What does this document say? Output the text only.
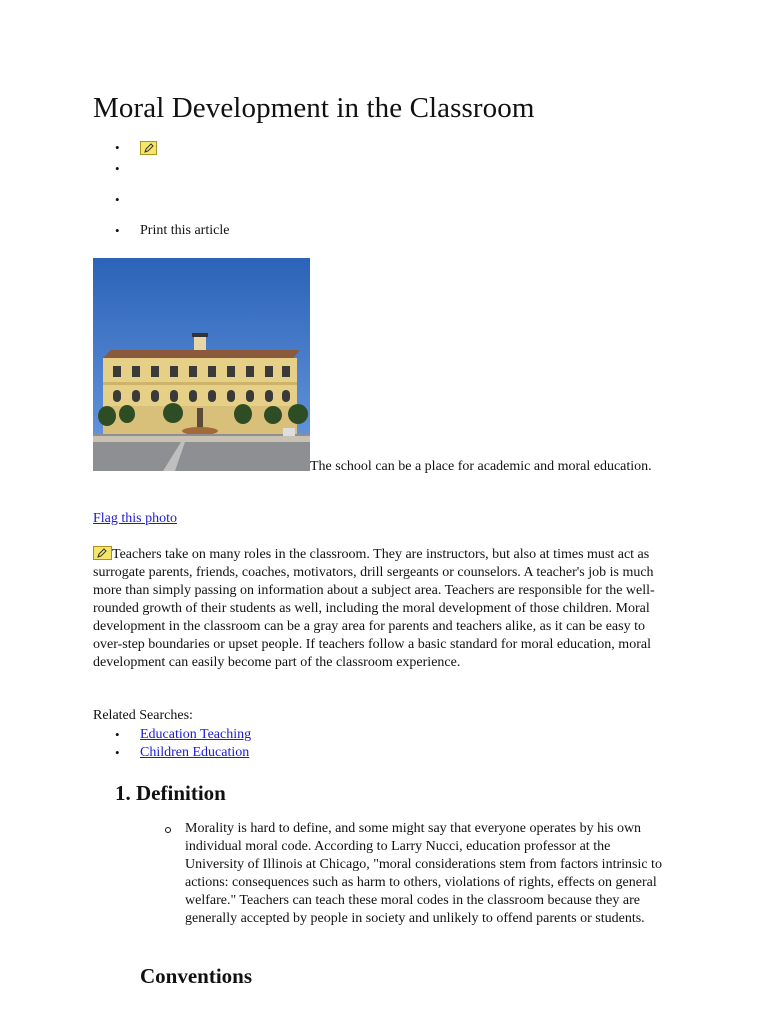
Moral Development in the Classroom
•
•
•
• Print this article
The school can be a place for academic and moral education.
Flag this photo
Teachers take on many roles in the classroom. They are instructors, but also at times must act as surrogate parents, friends, coaches, motivators, drill sergeants or counselors. A teacher's job is much more than simply passing on information about a subject area. Teachers are responsible for the well-rounded growth of their students as well, including the moral development of those children. Moral development in the classroom can be a gray area for parents and teachers alike, as it can be easy to over-step boundaries or upset people. If teachers follow a basic standard for moral education, moral development can easily become part of the classroom experience.
Related Searches:
• Education Teaching
• Children Education
1. Definition
Morality is hard to define, and some might say that everyone operates by his own individual moral code. According to Larry Nucci, education professor at the University of Illinois at Chicago, "moral considerations stem from factors intrinsic to actions: consequences such as harm to others, violations of rights, effects on general welfare." Teachers can teach these moral codes in the classroom because they are generally accepted by people in society and unlikely to offend parents or students.
Conventions
